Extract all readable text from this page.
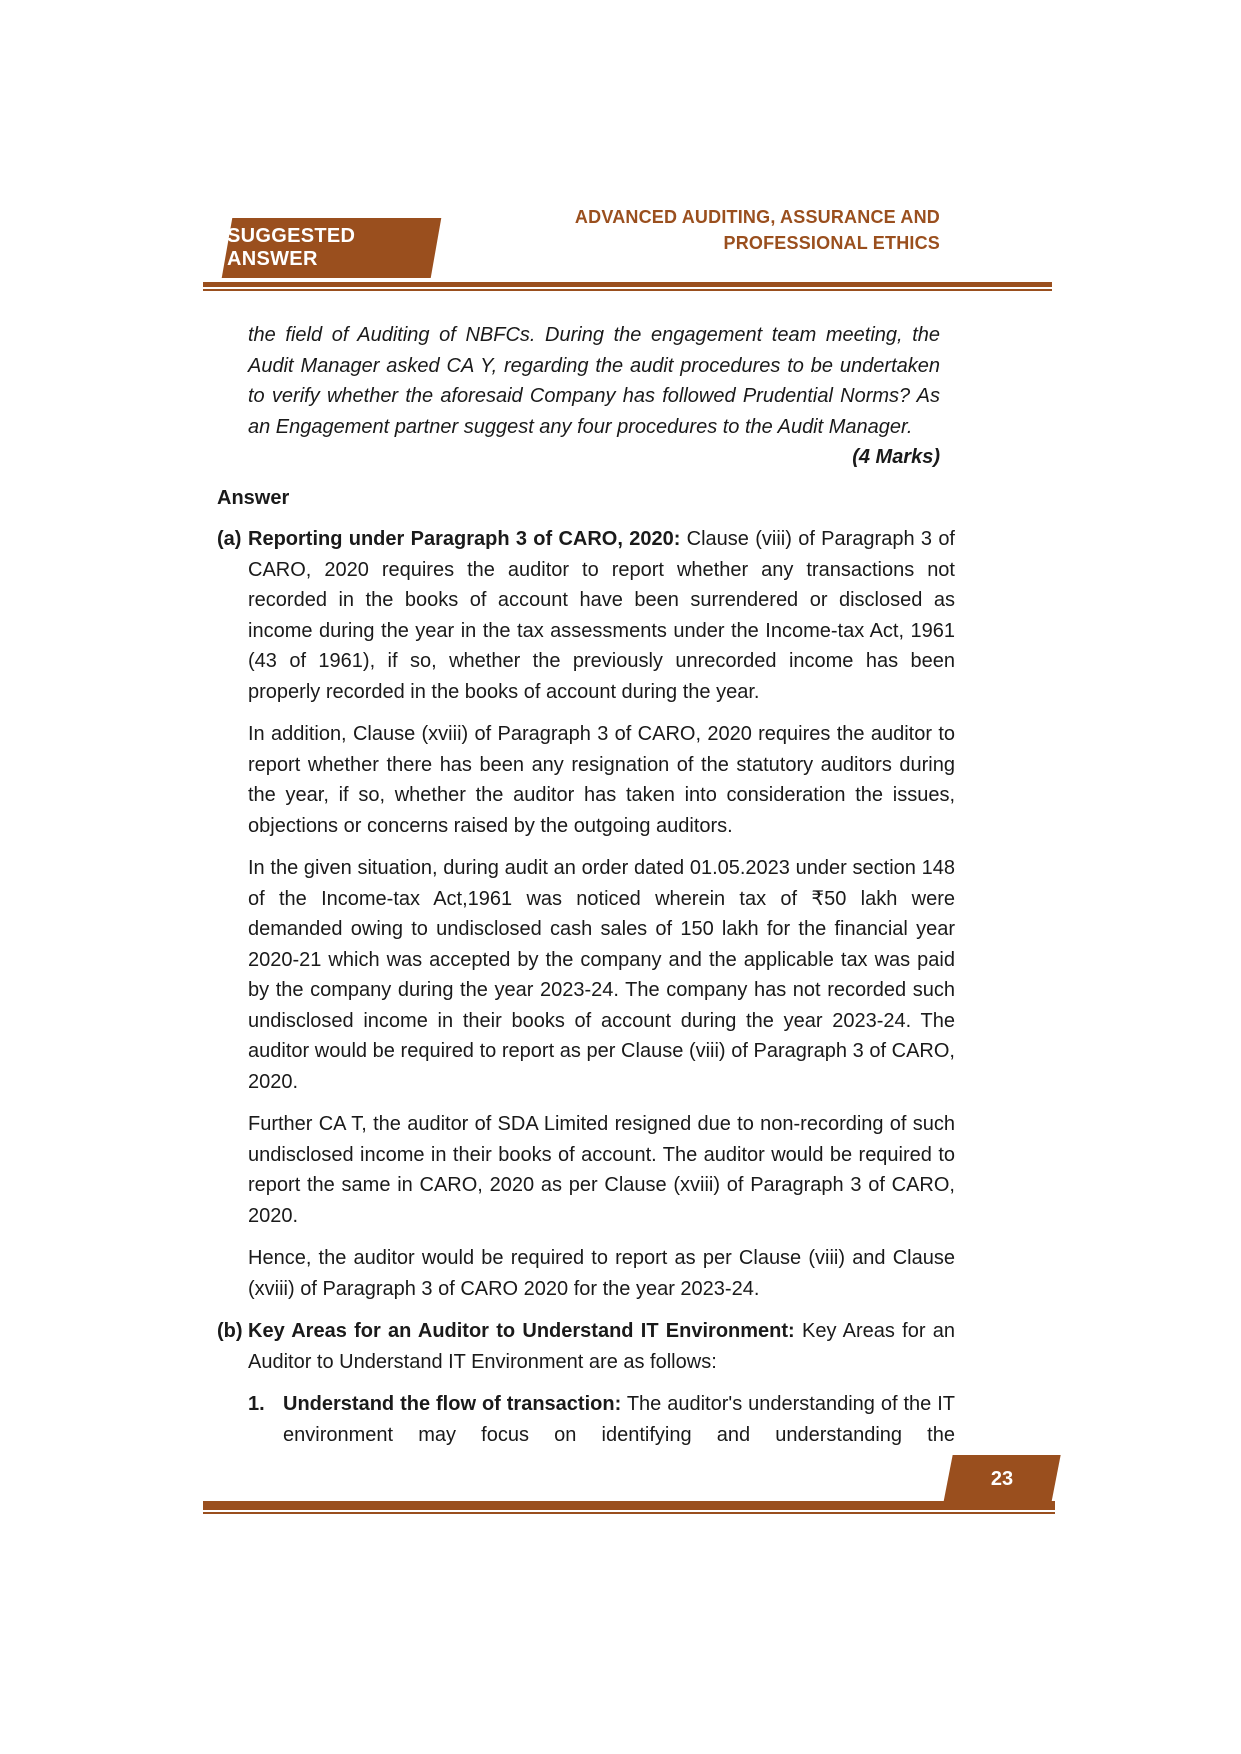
SUGGESTED ANSWER
ADVANCED AUDITING, ASSURANCE AND
PROFESSIONAL ETHICS

the field of Auditing of NBFCs. During the engagement team meeting, the Audit Manager asked CA Y, regarding the audit procedures to be undertaken to verify whether the aforesaid Company has followed Prudential Norms? As an Engagement partner suggest any four procedures to the Audit Manager.

(4 Marks)

Answer
(a) Reporting under Paragraph 3 of CARO, 2020: Clause (viii) of Paragraph 3 of CARO, 2020 requires the auditor to report whether any transactions not recorded in the books of account have been surrendered or disclosed as income during the year in the tax assessments under the Income-tax Act, 1961 (43 of 1961), if so, whether the previously unrecorded income has been properly recorded in the books of account during the year.

In addition, Clause (xviii) of Paragraph 3 of CARO, 2020 requires the auditor to report whether there has been any resignation of the statutory auditors during the year, if so, whether the auditor has taken into consideration the issues, objections or concerns raised by the outgoing auditors.

In the given situation, during audit an order dated 01.05.2023 under section 148 of the Income-tax Act,1961 was noticed wherein tax of ₹50 lakh were demanded owing to undisclosed cash sales of 150 lakh for the financial year 2020-21 which was accepted by the company and the applicable tax was paid by the company during the year 2023-24. The company has not recorded such undisclosed income in their books of account during the year 2023-24. The auditor would be required to report as per Clause (viii) of Paragraph 3 of CARO, 2020.

Further CA T, the auditor of SDA Limited resigned due to non-recording of such undisclosed income in their books of account. The auditor would be required to report the same in CARO, 2020 as per Clause (xviii) of Paragraph 3 of CARO, 2020.

Hence, the auditor would be required to report as per Clause (viii) and Clause (xviii) of Paragraph 3 of CARO 2020 for the year 2023-24.

(b) Key Areas for an Auditor to Understand IT Environment: Key Areas for an Auditor to Understand IT Environment are as follows:

1. Understand the flow of transaction: The auditor's understanding of the IT environment may focus on identifying and understanding the

23
